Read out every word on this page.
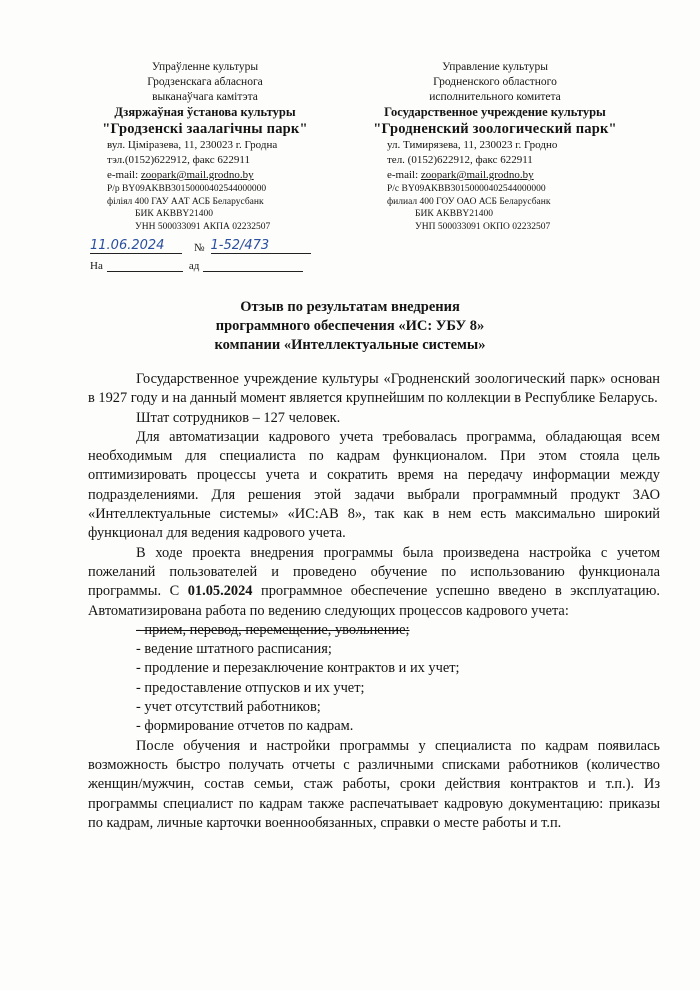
Упраўленне культуры
Гродзенскага абласнога
выканаўчага камітэта
Дзяржаўная ўстанова культуры
"Гродзенскі заалагічны парк"
вул. Цімiразева, 11, 230023 г. Гродна
тэл.(0152)622912, факс 622911
e-mail: zoopark@mail.grodno.by
Р/р BY09AKBB30150000402544000000
філіял 400 ГАУ ААТ АСБ Беларусбанк
БИК AKBBY21400
УНН 500033091 АКПА 02232507
Управление культуры
Гродненского областного
исполнительного комитета
Государственное учреждение культуры
"Гродненский зоологический парк"
ул. Тимирязева, 11, 230023 г. Гродно
тел. (0152)622912, факс 622911
e-mail: zoopark@mail.grodno.by
Р/с BY09AKBB30150000402544000000
филиал 400 ГОУ ОАО АСБ Беларусбанк
БИК AKBBY21400
УНП 500033091 ОКПО 02232507
11.06.2024	№ 1-52/473
На	ад
Отзыв по результатам внедрения
программного обеспечения «ИС: УБУ 8»
компании «Интеллектуальные системы»

Государственное учреждение культуры «Гродненский зоологический парк» основан в 1927 году и на данный момент является крупнейшим по коллекции в Республике Беларусь.

Штат сотрудников – 127 человек.

Для автоматизации кадрового учета требовалась программа, обладающая всем необходимым для специалиста по кадрам функционалом. При этом стояла цель оптимизировать процессы учета и сократить время на передачу информации между подразделениями. Для решения этой задачи выбрали программный продукт ЗАО «Интеллектуальные системы» «ИС:АВ 8», так как в нем есть максимально широкий функционал для ведения кадрового учета.

В ходе проекта внедрения программы была произведена настройка с учетом пожеланий пользователей и проведено обучение по использованию функционала программы. С 01.05.2024 программное обеспечение успешно введено в эксплуатацию. Автоматизирована работа по ведению следующих процессов кадрового учета:

- прием, перевод, перемещение, увольнение;

- ведение штатного расписания;

- продление и перезаключение контрактов и их учет;

- предоставление отпусков и их учет;

- учет отсутствий работников;

- формирование отчетов по кадрам.

После обучения и настройки программы у специалиста по кадрам появилась возможность быстро получать отчеты с различными списками работников (количество женщин/мужчин, состав семьи, стаж работы, сроки действия контрактов и т.п.). Из программы специалист по кадрам также распечатывает кадровую документацию: приказы по кадрам, личные карточки военнообязанных, справки о месте работы и т.п.
